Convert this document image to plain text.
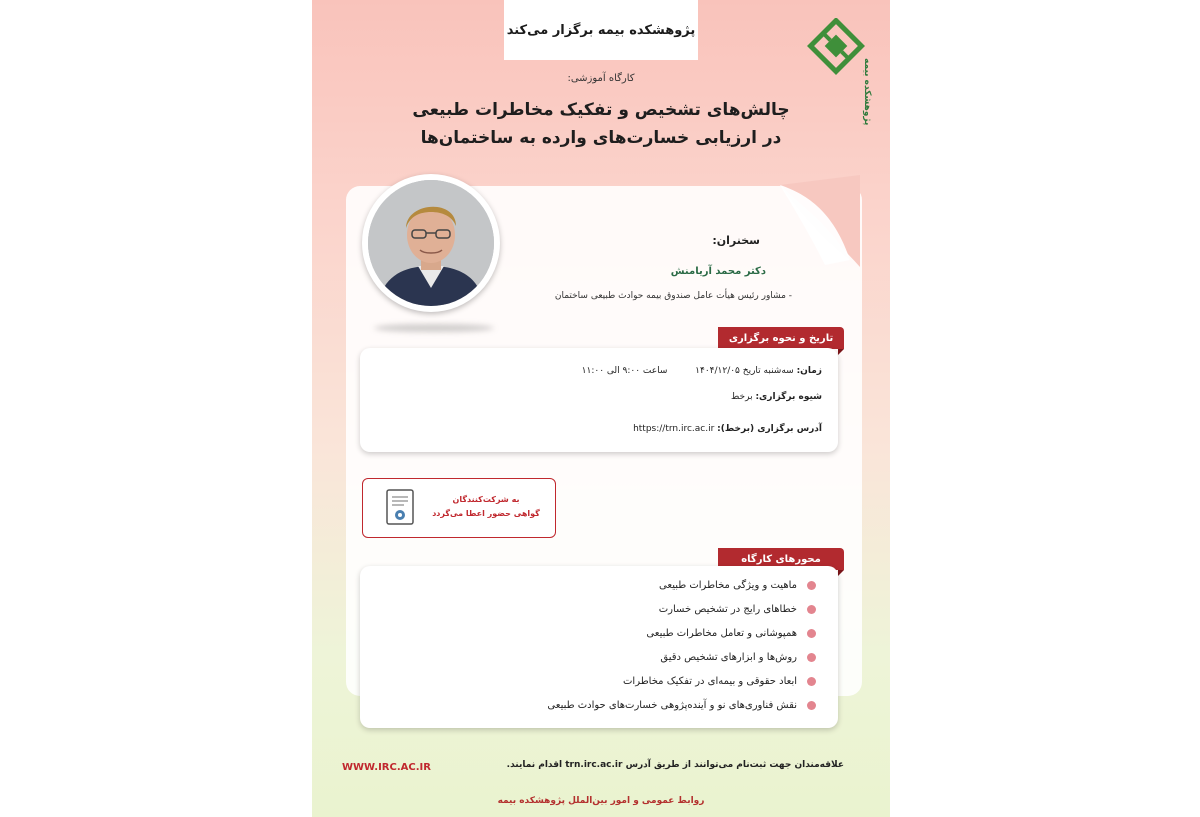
پژوهشکده بیمه برگزار می‌کند
پژوهشکده بیمه
کارگاه آموزشی:
چالش‌های تشخیص و تفکیک مخاطرات طبیعی
در ارزیابی خسارت‌های وارده به ساختمان‌ها
سخنران:
دکتر محمد آریامنش
- مشاور رئیس هیأت عامل صندوق بیمه حوادث طبیعی ساختمان
تاریخ و نحوه برگزاری
زمان: سه‌شنبه تاریخ ۱۴۰۴/۱۲/۰۵  ساعت ۹:۰۰ الی ۱۱:۰۰
شیوه برگزاری: برخط
آدرس برگزاری (برخط): https://trn.irc.ac.ir
به شرکت‌کنندگان
گواهی حضور اعطا می‌گردد
محورهای کارگاه
ماهیت و ویژگی مخاطرات طبیعی
خطاهای رایج در تشخیص خسارت
همپوشانی و تعامل مخاطرات طبیعی
روش‌ها و ابزارهای تشخیص دقیق
ابعاد حقوقی و بیمه‌ای در تفکیک مخاطرات
نقش فناوری‌های نو و آینده‌پژوهی خسارت‌های حوادث طبیعی
علاقه‌مندان جهت ثبت‌نام می‌توانند از طریق آدرس trn.irc.ac.ir اقدام نمایند.
WWW.IRC.AC.IR
روابط عمومی و امور بین‌الملل پژوهشکده بیمه
